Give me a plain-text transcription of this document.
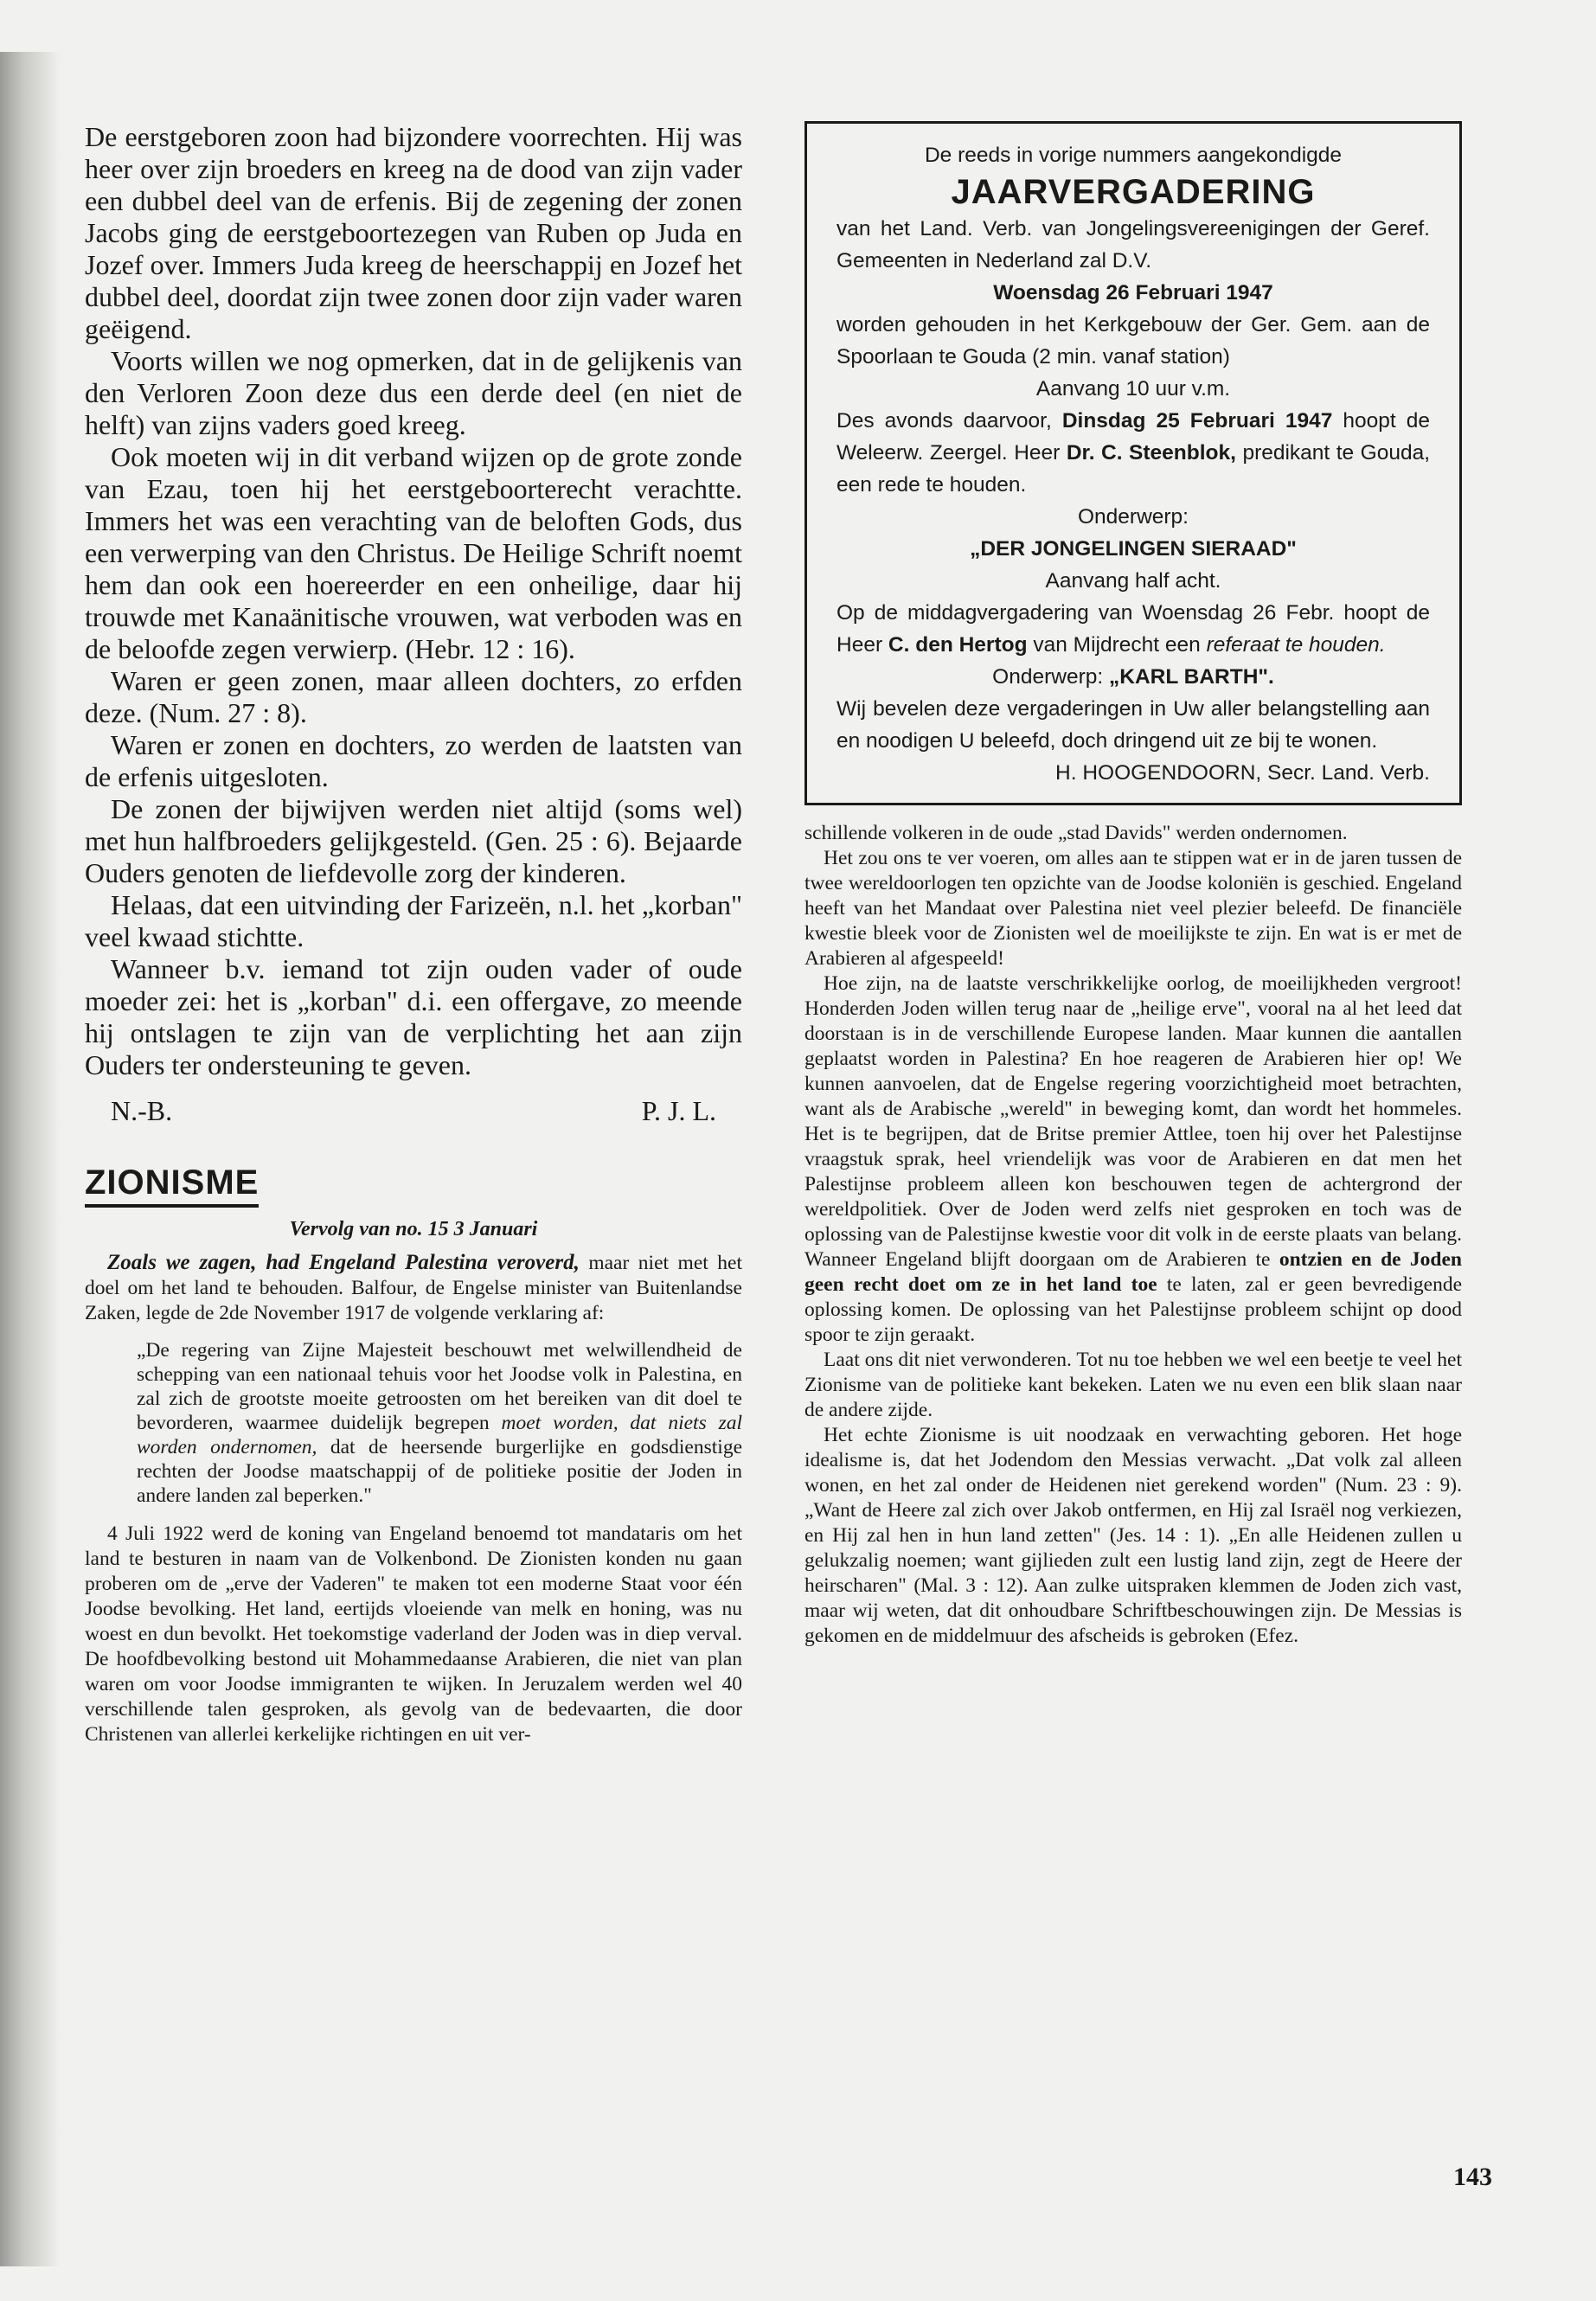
De eerstgeboren zoon had bijzondere voorrechten. Hij was heer over zijn broeders en kreeg na de dood van zijn vader een dubbel deel van de erfenis. Bij de zegening der zonen Jacobs ging de eerstgeboortezegen van Ruben op Juda en Jozef over. Immers Juda kreeg de heerschappij en Jozef het dubbel deel, doordat zijn twee zonen door zijn vader waren geëigend.

Voorts willen we nog opmerken, dat in de gelijkenis van den Verloren Zoon deze dus een derde deel (en niet de helft) van zijns vaders goed kreeg.

Ook moeten wij in dit verband wijzen op de grote zonde van Ezau, toen hij het eerstgeboorterecht verachtte. Immers het was een verachting van de beloften Gods, dus een verwerping van den Christus. De Heilige Schrift noemt hem dan ook een hoereerder en een onheilige, daar hij trouwde met Kanaänitische vrouwen, wat verboden was en de beloofde zegen verwierp. (Hebr. 12 : 16).

Waren er geen zonen, maar alleen dochters, zo erfden deze. (Num. 27 : 8).

Waren er zonen en dochters, zo werden de laatsten van de erfenis uitgesloten.

De zonen der bijwijven werden niet altijd (soms wel) met hun halfbroeders gelijkgesteld. (Gen. 25 : 6). Bejaarde Ouders genoten de liefdevolle zorg der kinderen.

Helaas, dat een uitvinding der Farizeën, n.l. het „korban" veel kwaad stichtte.

Wanneer b.v. iemand tot zijn ouden vader of oude moeder zei: het is „korban" d.i. een offergave, zo meende hij ontslagen te zijn van de verplichting het aan zijn Ouders ter ondersteuning te geven.

N.-B.	P. J. L.
ZIONISME
Vervolg van no. 15 3 Januari

Zoals we zagen, had Engeland Palestina veroverd, maar niet met het doel om het land te behouden. Balfour, de Engelse minister van Buitenlandse Zaken, legde de 2de November 1917 de volgende verklaring af:

„De regering van Zijne Majesteit beschouwt met welwillendheid de schepping van een nationaal tehuis voor het Joodse volk in Palestina, en zal zich de grootste moeite getroosten om het bereiken van dit doel te bevorderen, waarmee duidelijk begrepen moet worden, dat niets zal worden ondernomen, dat de heersende burgerlijke en godsdienstige rechten der Joodse maatschappij of de politieke positie der Joden in andere landen zal beperken."

4 Juli 1922 werd de koning van Engeland benoemd tot mandataris om het land te besturen in naam van de Volkenbond. De Zionisten konden nu gaan proberen om de „erve der Vaderen" te maken tot een moderne Staat voor één Joodse bevolking. Het land, eertijds vloeiende van melk en honing, was nu woest en dun bevolkt. Het toekomstige vaderland der Joden was in diep verval. De hoofdbevolking bestond uit Mohammedaanse Arabieren, die niet van plan waren om voor Joodse immigranten te wijken. In Jeruzalem werden wel 40 verschillende talen gesproken, als gevolg van de bedevaarten, die door Christenen van allerlei kerkelijke richtingen en uit ver-

De reeds in vorige nummers aangekondigde
JAARVERGADERING
van het Land. Verb. van Jongelingsvereenigingen der Geref. Gemeenten in Nederland zal D.V.
Woensdag 26 Februari 1947
worden gehouden in het Kerkgebouw der Ger. Gem. aan de Spoorlaan te Gouda (2 min. vanaf station)
Aanvang 10 uur v.m.
Des avonds daarvoor, Dinsdag 25 Februari 1947 hoopt de Weleerw. Zeergel. Heer Dr. C. Steenblok, predikant te Gouda, een rede te houden.
Onderwerp:
„DER JONGELINGEN SIERAAD"
Aanvang half acht.
Op de middagvergadering van Woensdag 26 Febr. hoopt de Heer C. den Hertog van Mijdrecht een referaat te houden.
Onderwerp: „KARL BARTH".
Wij bevelen deze vergaderingen in Uw aller belangstelling aan en noodigen U beleefd, doch dringend uit ze bij te wonen.
H. HOOGENDOORN, Secr. Land. Verb.

schillende volkeren in de oude „stad Davids" werden ondernomen.

Het zou ons te ver voeren, om alles aan te stippen wat er in de jaren tussen de twee wereldoorlogen ten opzichte van de Joodse koloniën is geschied. Engeland heeft van het Mandaat over Palestina niet veel plezier beleefd. De financiële kwestie bleek voor de Zionisten wel de moeilijkste te zijn. En wat is er met de Arabieren al afgespeeld!

Hoe zijn, na de laatste verschrikkelijke oorlog, de moeilijkheden vergroot! Honderden Joden willen terug naar de „heilige erve", vooral na al het leed dat doorstaan is in de verschillende Europese landen. Maar kunnen die aantallen geplaatst worden in Palestina? En hoe reageren de Arabieren hier op! We kunnen aanvoelen, dat de Engelse regering voorzichtigheid moet betrachten, want als de Arabische „wereld" in beweging komt, dan wordt het hommeles. Het is te begrijpen, dat de Britse premier Attlee, toen hij over het Palestijnse vraagstuk sprak, heel vriendelijk was voor de Arabieren en dat men het Palestijnse probleem alleen kon beschouwen tegen de achtergrond der wereldpolitiek. Over de Joden werd zelfs niet gesproken en toch was de oplossing van de Palestijnse kwestie voor dit volk in de eerste plaats van belang. Wanneer Engeland blijft doorgaan om de Arabieren te ontzien en de Joden geen recht doet om ze in het land toe te laten, zal er geen bevredigende oplossing komen. De oplossing van het Palestijnse probleem schijnt op dood spoor te zijn geraakt.

Laat ons dit niet verwonderen. Tot nu toe hebben we wel een beetje te veel het Zionisme van de politieke kant bekeken. Laten we nu even een blik slaan naar de andere zijde.

Het echte Zionisme is uit noodzaak en verwachting geboren. Het hoge idealisme is, dat het Jodendom den Messias verwacht. „Dat volk zal alleen wonen, en het zal onder de Heidenen niet gerekend worden" (Num. 23 : 9). „Want de Heere zal zich over Jakob ontfermen, en Hij zal Israël nog verkiezen, en Hij zal hen in hun land zetten" (Jes. 14 : 1). „En alle Heidenen zullen u gelukzalig noemen; want gijlieden zult een lustig land zijn, zegt de Heere der heirscharen" (Mal. 3 : 12). Aan zulke uitspraken klemmen de Joden zich vast, maar wij weten, dat dit onhoudbare Schriftbeschouwingen zijn. De Messias is gekomen en de middelmuur des afscheids is gebroken (Efez.

143
